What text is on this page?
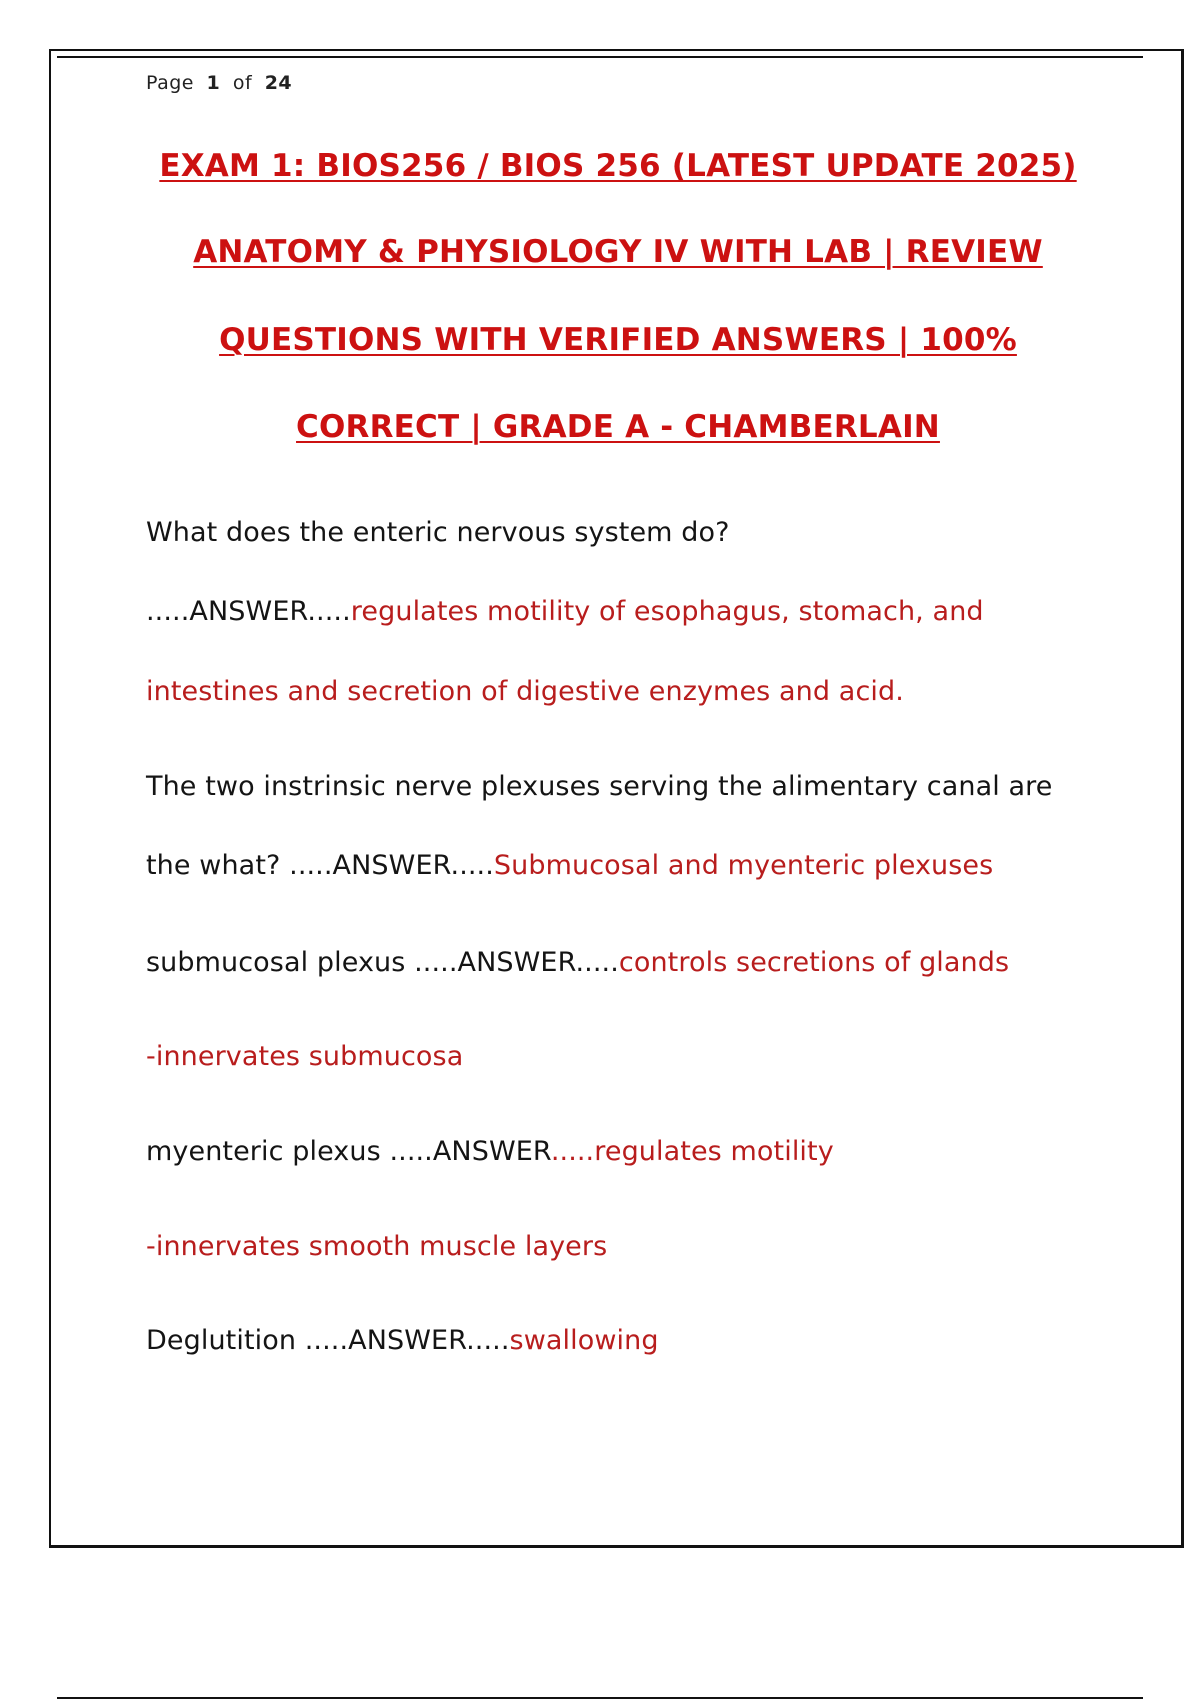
Page 1 of 24
EXAM 1: BIOS256 / BIOS 256 (LATEST UPDATE 2025)
ANATOMY & PHYSIOLOGY IV WITH LAB | REVIEW
QUESTIONS WITH VERIFIED ANSWERS | 100%
CORRECT | GRADE A - CHAMBERLAIN
What does the enteric nervous system do?
.....ANSWER.....regulates motility of esophagus, stomach, and
intestines and secretion of digestive enzymes and acid.
The two instrinsic nerve plexuses serving the alimentary canal are
the what? .....ANSWER.....Submucosal and myenteric plexuses
submucosal plexus .....ANSWER.....controls secretions of glands
-innervates submucosa
myenteric plexus .....ANSWER.....regulates motility
-innervates smooth muscle layers
Deglutition .....ANSWER.....swallowing
